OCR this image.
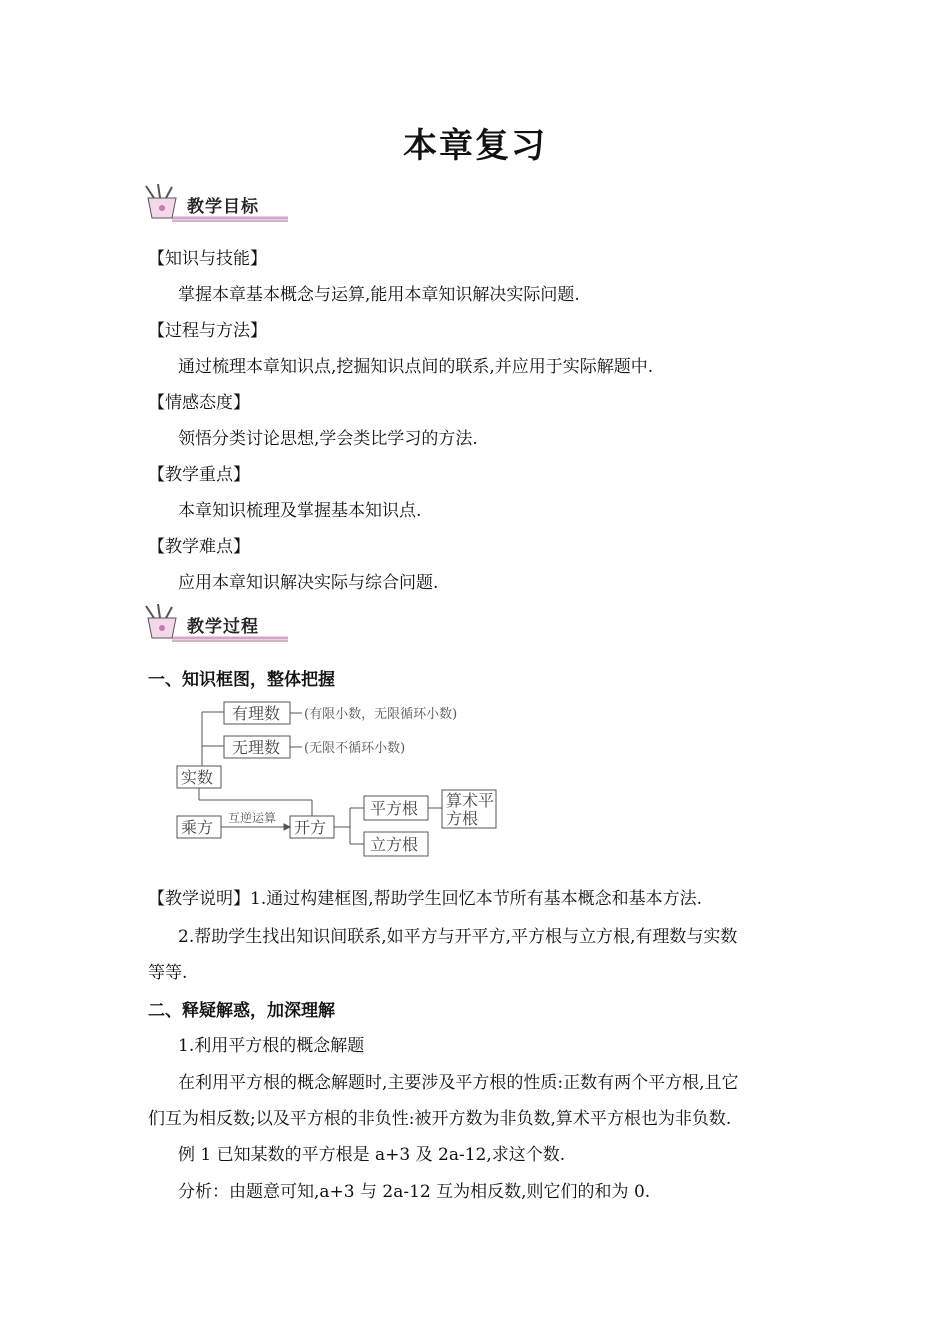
本章复习
教学目标
【知识与技能】
掌握本章基本概念与运算,能用本章知识解决实际问题.
【过程与方法】
通过梳理本章知识点,挖掘知识点间的联系,并应用于实际解题中.
【情感态度】
领悟分类讨论思想,学会类比学习的方法.
【教学重点】
本章知识梳理及掌握基本知识点.
【教学难点】
应用本章知识解决实际与综合问题.
教学过程
一、知识框图，整体把握
有理数
无理数
实数
乘方	开方
平方根 算术平
方根
立方根
(有限小数，无限循环小数)
(无限不循环小数)
互逆运算
【教学说明】1.通过构建框图,帮助学生回忆本节所有基本概念和基本方法.
2.帮助学生找出知识间联系,如平方与开平方,平方根与立方根,有理数与实数
等等.
二、释疑解惑，加深理解
1.利用平方根的概念解题
在利用平方根的概念解题时,主要涉及平方根的性质:正数有两个平方根,且它
们互为相反数;以及平方根的非负性:被开方数为非负数,算术平方根也为非负数.
例 1 已知某数的平方根是 a+3 及 2a-12,求这个数.
分析：由题意可知,a+3 与 2a-12 互为相反数,则它们的和为 0.
